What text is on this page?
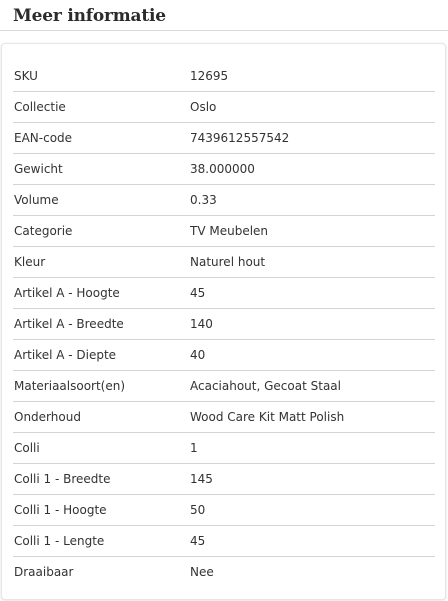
Meer informatie
SKU	12695
Collectie	Oslo
EAN-code	7439612557542
Gewicht	38.000000
Volume	0.33
Categorie	TV Meubelen
Kleur	Naturel hout
Artikel A - Hoogte	45
Artikel A - Breedte	140
Artikel A - Diepte	40
Materiaalsoort(en)	Acaciahout, Gecoat Staal
Onderhoud	Wood Care Kit Matt Polish
Colli	1
Colli 1 - Breedte	145
Colli 1 - Hoogte	50
Colli 1 - Lengte	45
Draaibaar	Nee
